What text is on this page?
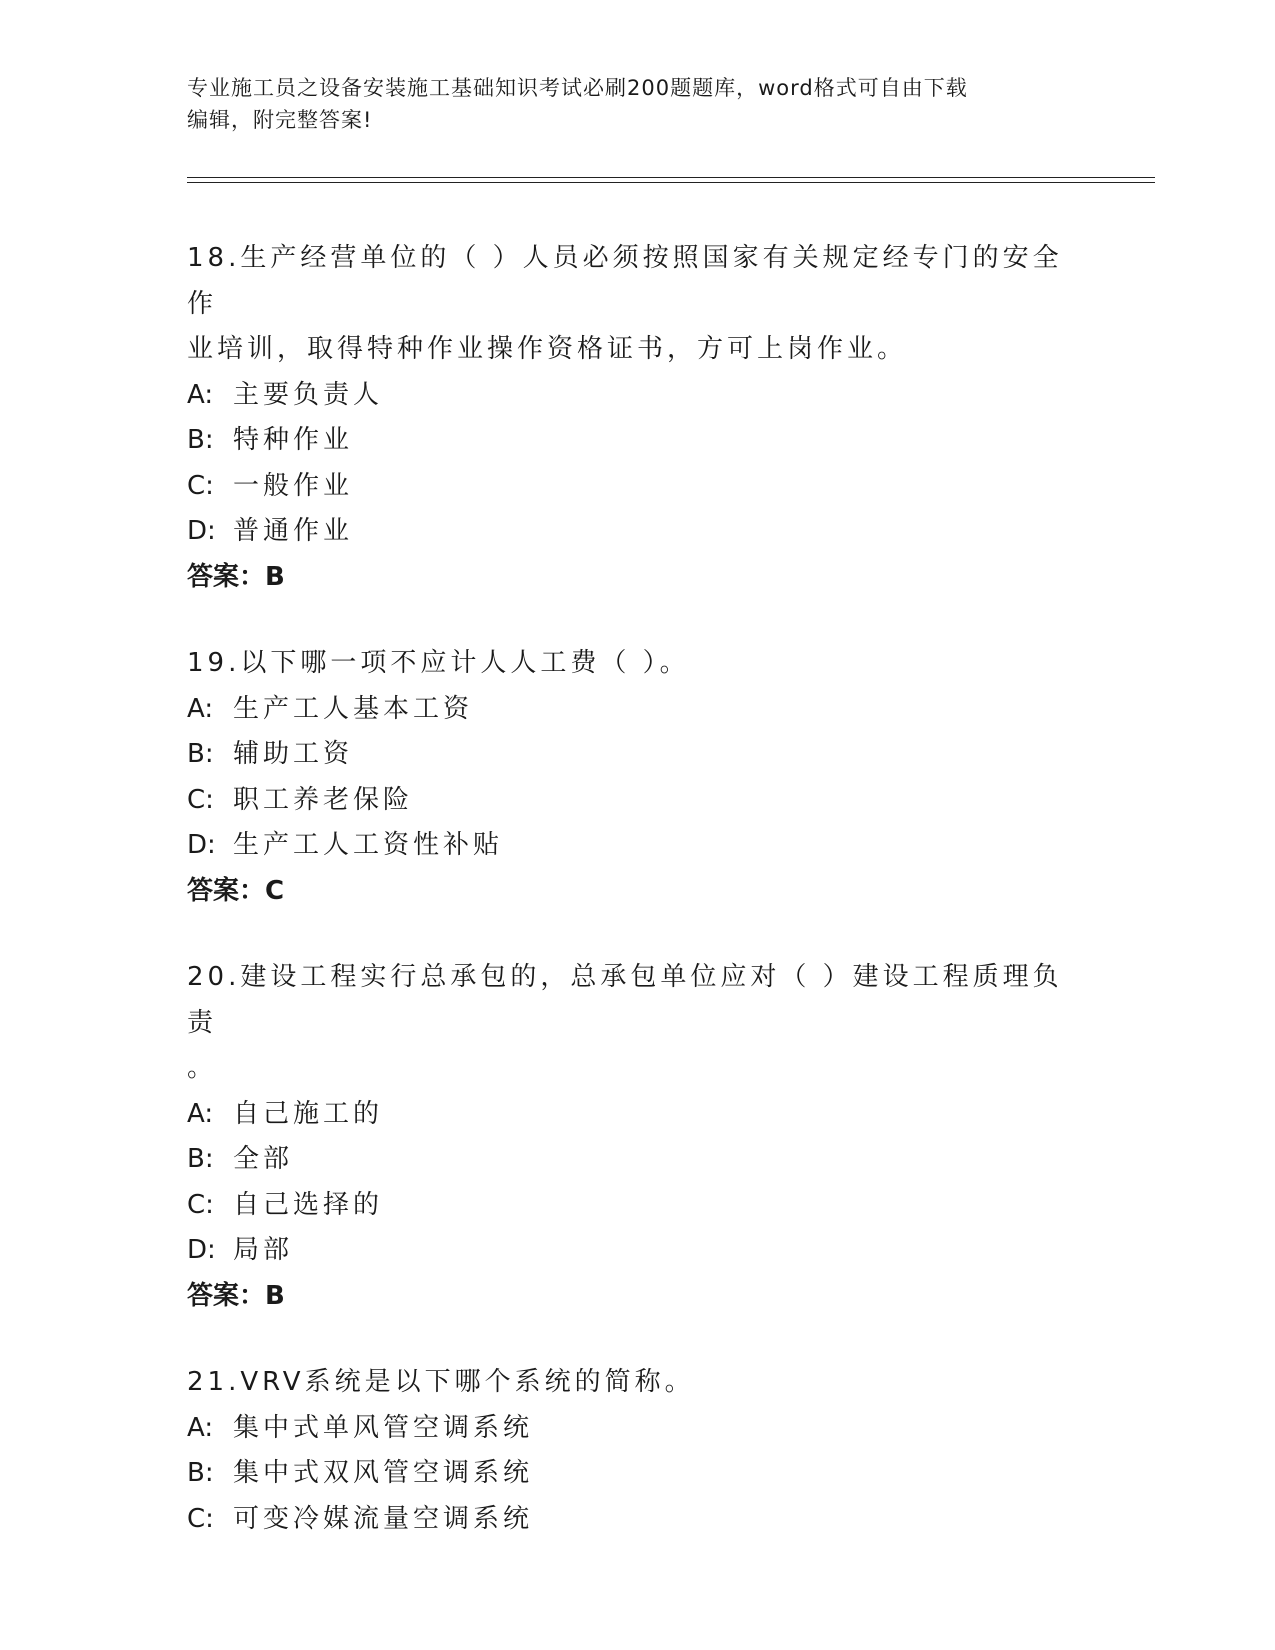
专业施工员之设备安装施工基础知识考试必刷200题题库，word格式可自由下载
编辑，附完整答案!
18.生产经营单位的（ ）人员必须按照国家有关规定经专门的安全作
业培训，取得特种作业操作资格证书，方可上岗作业。
A: 主要负责人
B: 特种作业
C: 一般作业
D: 普通作业
答案：B
19.以下哪一项不应计人人工费（ ）。
A: 生产工人基本工资
B: 辅助工资
C: 职工养老保险
D: 生产工人工资性补贴
答案：C
20.建设工程实行总承包的，总承包单位应对（ ）建设工程质理负责
。
A: 自己施工的
B: 全部
C: 自己选择的
D: 局部
答案：B
21.VRV系统是以下哪个系统的简称。
A: 集中式单风管空调系统
B: 集中式双风管空调系统
C: 可变冷媒流量空调系统
